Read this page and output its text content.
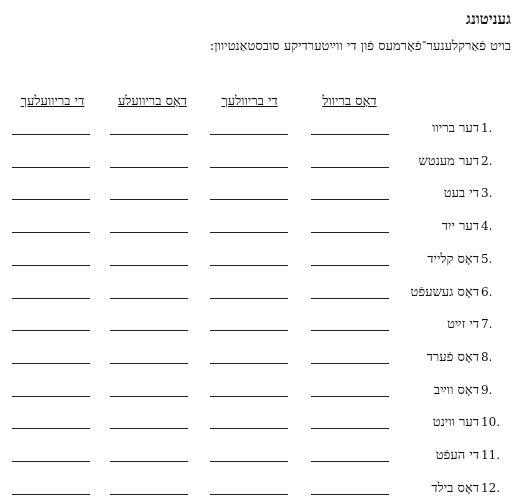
געניטונג
בויט פֿאַרקלענער־פֿאָרמעס פֿון די ווײַטערדיקע סובסטאַנטיוון:
דאָס בריוול
די בריוולעך
דאָס בריוועלע
די בריוועלעך
דער בריוו 1.
דער מענטש 2.
די בעט 3.
דער ייִד 4.
דאָס קלייד 5.
דאָס געשעפֿט 6.
די זײַט 7.
דאָס פֿערד 8.
דאָס ווײַב 9.
דער ווינט 10.
די העפֿט 11.
דאָס בילד 12.
